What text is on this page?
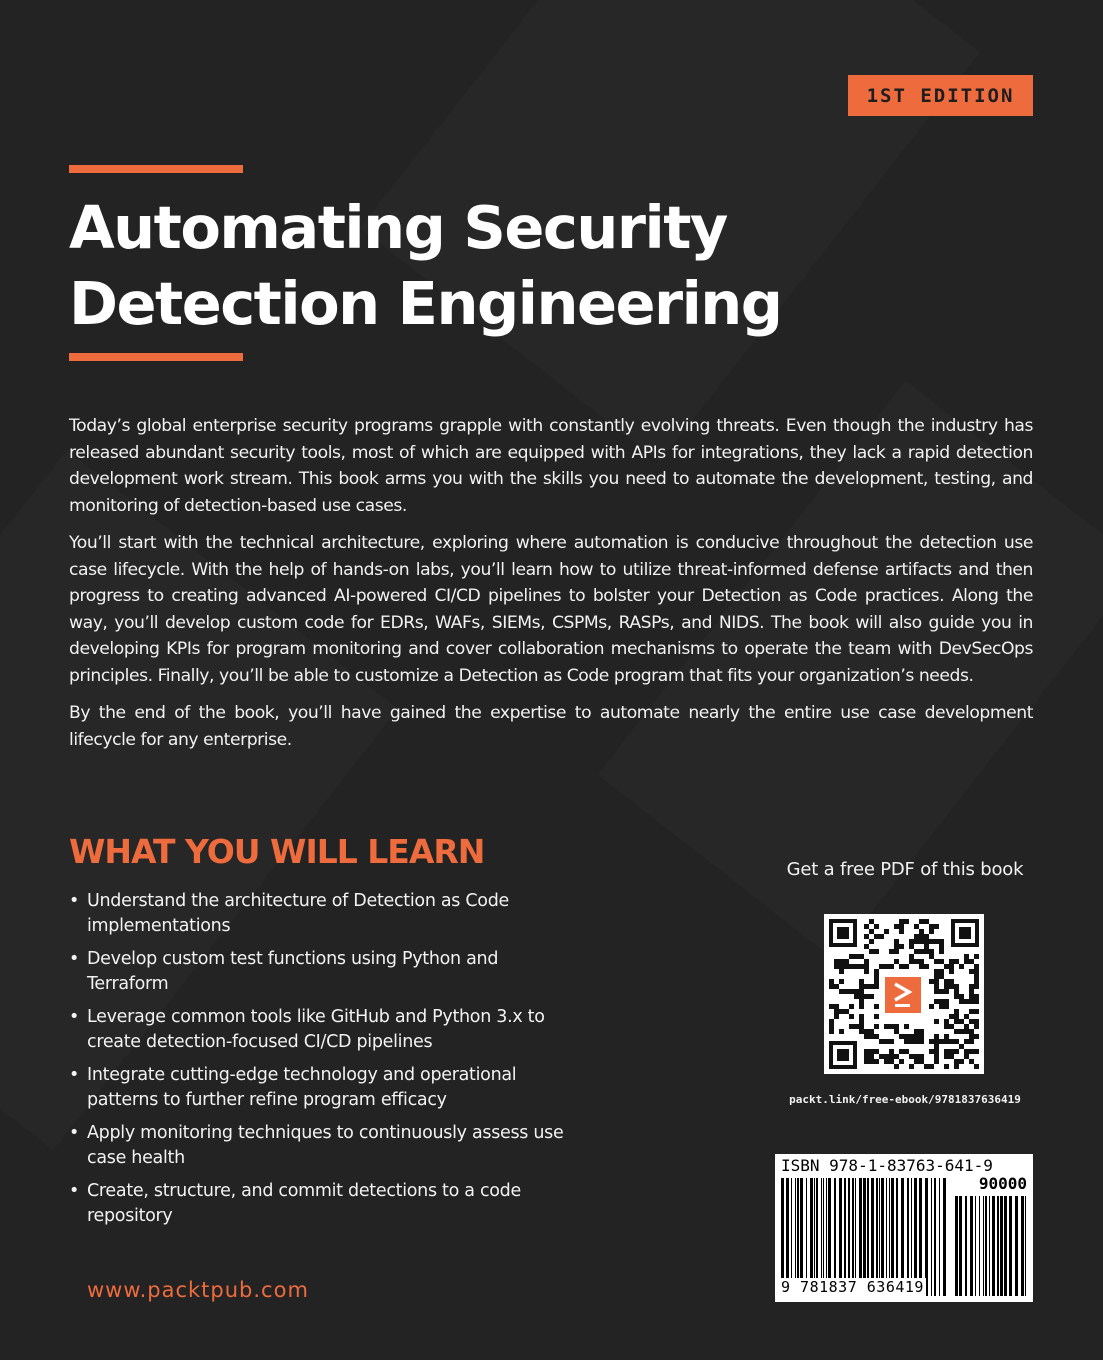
1ST EDITION
Automating Security Detection Engineering

Today’s global enterprise security programs grapple with constantly evolving threats. Even though the industry has released abundant security tools, most of which are equipped with APIs for integrations, they lack a rapid detection development work stream. This book arms you with the skills you need to automate the development, testing, and monitoring of detection-based use cases.

You’ll start with the technical architecture, exploring where automation is conducive throughout the detection use case lifecycle. With the help of hands-on labs, you’ll learn how to utilize threat-informed defense artifacts and then progress to creating advanced AI-powered CI/CD pipelines to bolster your Detection as Code practices. Along the way, you’ll develop custom code for EDRs, WAFs, SIEMs, CSPMs, RASPs, and NIDS. The book will also guide you in developing KPIs for program monitoring and cover collaboration mechanisms to operate the team with DevSecOps principles. Finally, you’ll be able to customize a Detection as Code program that fits your organization’s needs.

By the end of the book, you’ll have gained the expertise to automate nearly the entire use case development lifecycle for any enterprise.

WHAT YOU WILL LEARN
• Understand the architecture of Detection as Code implementations
• Develop custom test functions using Python and Terraform
• Leverage common tools like GitHub and Python 3.x to create detection-focused CI/CD pipelines
• Integrate cutting-edge technology and operational patterns to further refine program efficacy
• Apply monitoring techniques to continuously assess use case health
• Create, structure, and commit detections to a code repository
www.packtpub.com
Get a free PDF of this book
packt.link/free-ebook/9781837636419
ISBN 978-1-83763-641-9
90000
9 781837 636419
